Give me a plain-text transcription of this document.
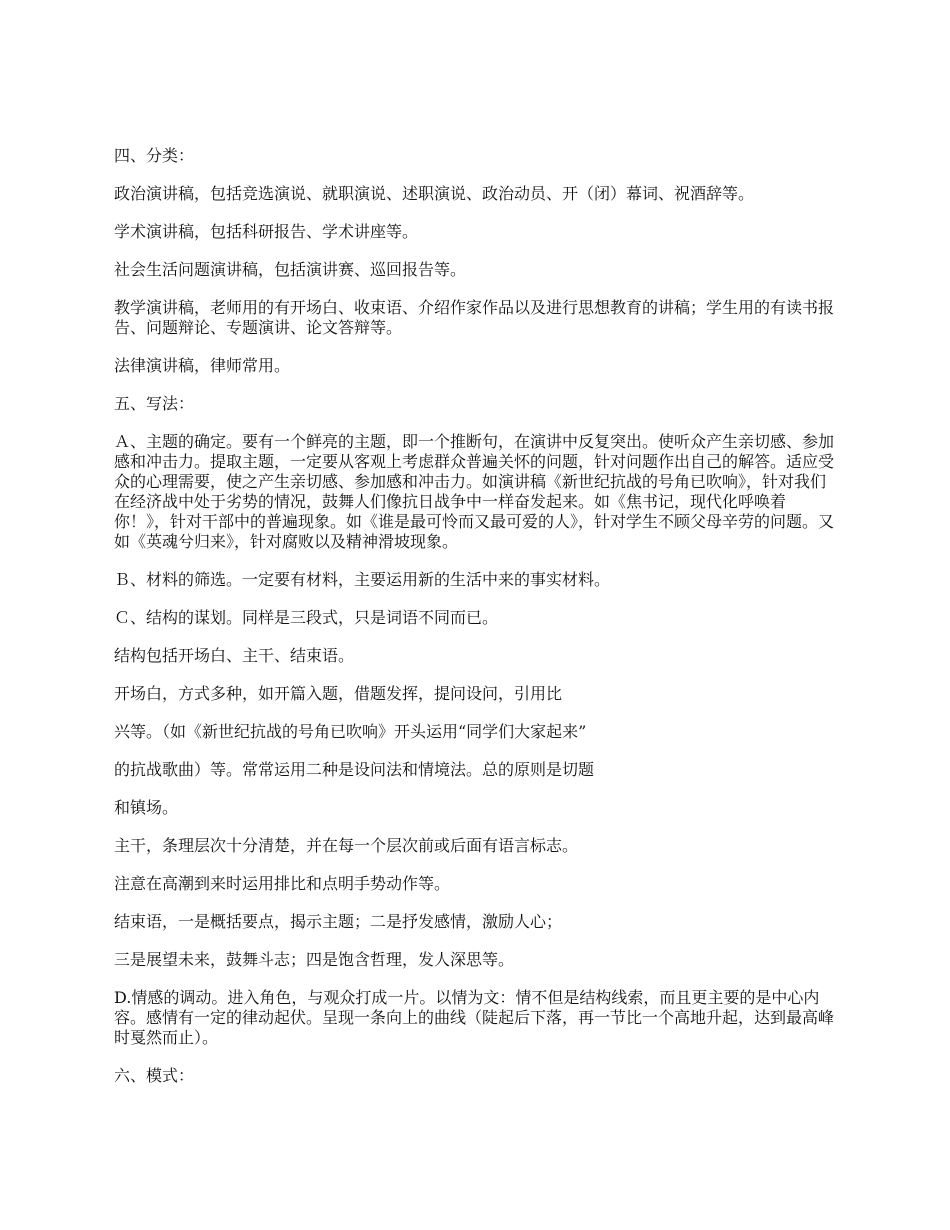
四、分类：

政治演讲稿，包括竞选演说、就职演说、述职演说、政治动员、开（闭）幕词、祝酒辞等。

学术演讲稿，包括科研报告、学术讲座等。

社会生活问题演讲稿，包括演讲赛、巡回报告等。

教学演讲稿，老师用的有开场白、收束语、介绍作家作品以及进行思想教育的讲稿；学生用的有读书报告、问题辩论、专题演讲、论文答辩等。

法律演讲稿，律师常用。

五、写法：

Ａ、主题的确定。要有一个鲜亮的主题，即一个推断句，在演讲中反复突出。使听众产生亲切感、参加感和冲击力。提取主题，一定要从客观上考虑群众普遍关怀的问题，针对问题作出自己的解答。适应受众的心理需要，使之产生亲切感、参加感和冲击力。如演讲稿《新世纪抗战的号角已吹响》，针对我们在经济战中处于劣势的情况，鼓舞人们像抗日战争中一样奋发起来。如《焦书记，现代化呼唤着你！》，针对干部中的普遍现象。如《谁是最可怜而又最可爱的人》，针对学生不顾父母辛劳的问题。又如《英魂兮归来》，针对腐败以及精神滑坡现象。

Ｂ、材料的筛选。一定要有材料，主要运用新的生活中来的事实材料。

Ｃ、结构的谋划。同样是三段式，只是词语不同而已。

结构包括开场白、主干、结束语。

开场白，方式多种，如开篇入题，借题发挥，提问设问，引用比

兴等。（如《新世纪抗战的号角已吹响》开头运用“同学们大家起来”

的抗战歌曲）等。常常运用二种是设问法和情境法。总的原则是切题

和镇场。

主干，条理层次十分清楚，并在每一个层次前或后面有语言标志。

注意在高潮到来时运用排比和点明手势动作等。

结束语，一是概括要点，揭示主题；二是抒发感情，激励人心；

三是展望未来，鼓舞斗志；四是饱含哲理，发人深思等。

D.情感的调动。进入角色，与观众打成一片。以情为文：情不但是结构线索，而且更主要的是中心内容。感情有一定的律动起伏。呈现一条向上的曲线（陡起后下落，再一节比一个高地升起，达到最高峰时戛然而止）。

六、模式：
